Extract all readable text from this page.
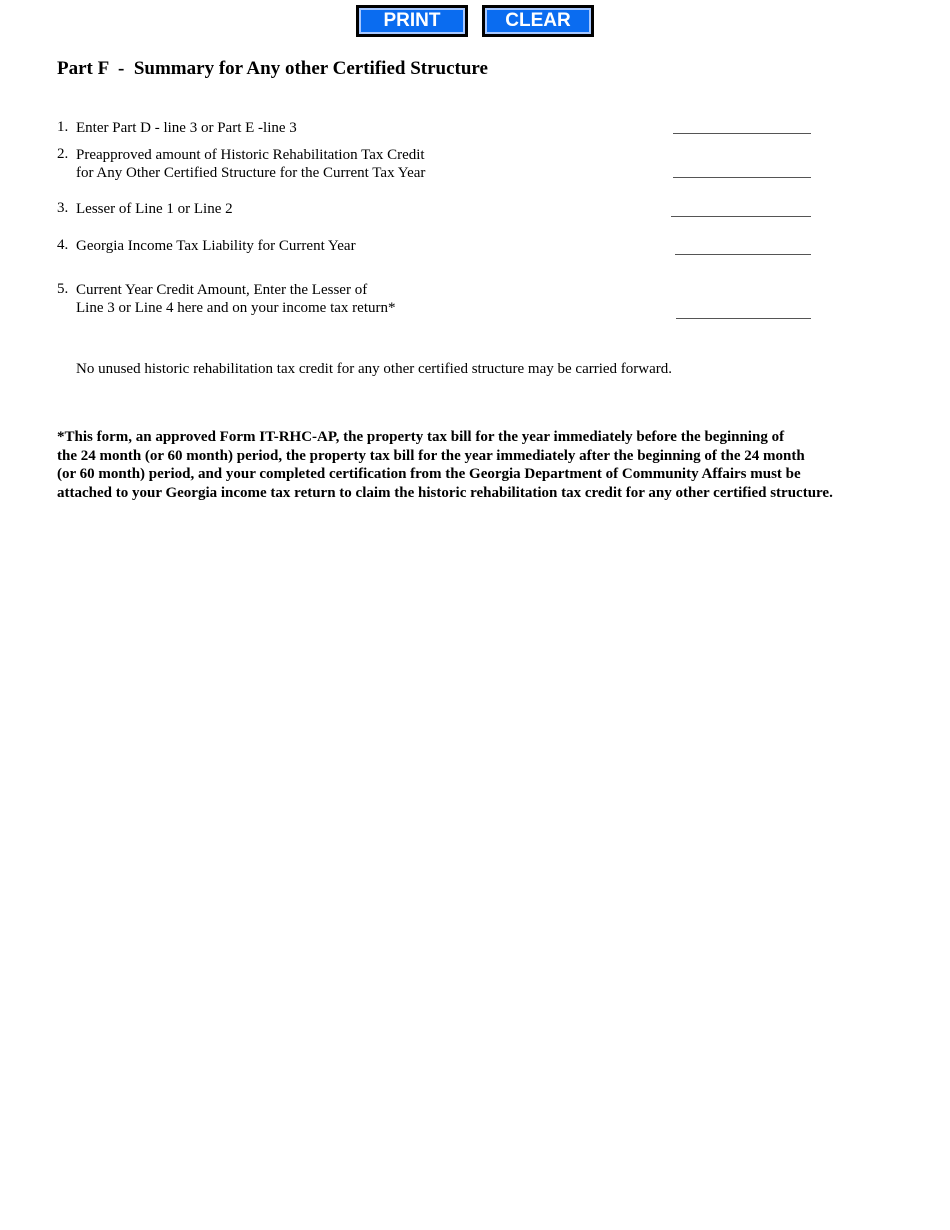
PRINT	CLEAR
Part F  -  Summary for Any other Certified Structure
1. Enter Part D - line 3 or Part E -line 3
2. Preapproved amount of Historic Rehabilitation Tax Credit
for Any Other Certified Structure for the Current Tax Year
3. Lesser of Line 1 or Line 2
4. Georgia Income Tax Liability for Current Year
5. Current Year Credit Amount, Enter the Lesser of
Line 3 or Line 4 here and on your income tax return*
No unused historic rehabilitation tax credit for any other certified structure may be carried forward.
*This form, an approved Form IT-RHC-AP, the property tax bill for the year immediately before the beginning of
the 24 month (or 60 month) period, the property tax bill for the year immediately after the beginning of the 24 month
(or 60 month) period, and your completed certification from the Georgia Department of Community Affairs must be
attached to your Georgia income tax return to claim the historic rehabilitation tax credit for any other certified structure.
